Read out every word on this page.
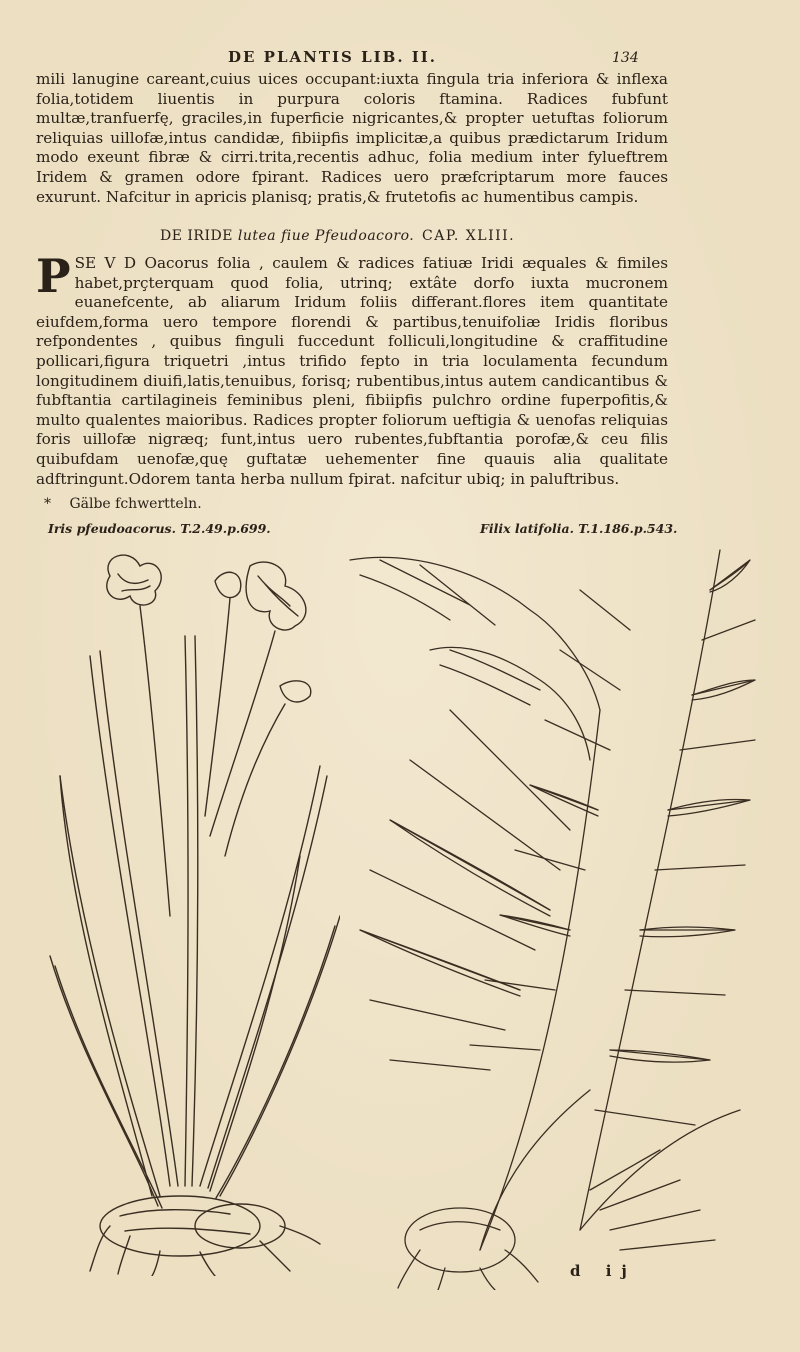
DE PLANTIS LIB. II.	134

mili lanugine careant,cuius uices occupant:iuxta fingula tria inferiora & inflexa folia,totidem liuentis in purpura coloris ftamina. Radices fubfunt multæ,tranfuerfę, graciles,in fuperficie nigricantes,& propter uetuftas foliorum reliquias uillofæ,intus candidæ, fibiipfis implicitæ,a quibus prædictarum Iridum modo exeunt fibræ & cirri.trita,recentis adhuc, folia medium inter fylueftrem Iridem & gramen odore fpirant. Radices uero præfcriptarum more fauces exurunt. Nafcitur in apricis planisq; pratis,& frutetofis ac humentibus campis.

DE IRIDE lutea fiue Pfeudoacoro. CAP. XLIII.

PSE V D Oacorus folia , caulem & radices fatiuæ Iridi æquales & fimiles habet,prçterquam quod folia, utrinq; extâte dorfo iuxta mucronem euanefcente, ab aliarum Iridum foliis differant.flores item quantitate eiufdem,forma uero tempore florendi & partibus,tenuifoliæ Iridis floribus refpondentes , quibus finguli fuccedunt folliculi,longitudine & craffitudine pollicari,figura triquetri ,intus trifido fepto in tria loculamenta fecundum longitudinem diuifi,latis,tenuibus, forisq; rubentibus,intus autem candicantibus & fubftantia cartilagineis feminibus pleni, fibiipfis pulchro ordine fuperpofitis,& multo qualentes maioribus. Radices propter foliorum ueftigia & uenofas reliquias foris uillofæ nigræq; funt,intus uero rubentes,fubftantia porofæ,& ceu filis quibufdam uenofæ,quę guftatæ uehementer fine quauis alia qualitate adftringunt.Odorem tanta herba nullum fpirat. nafcitur ubiq; in paluftribus.

* Gälbe fchwertteln.
Iris pfeudoacorus. T.2.49.p.699.	Filix latifolia. T.1.186.p.543.
d ij
